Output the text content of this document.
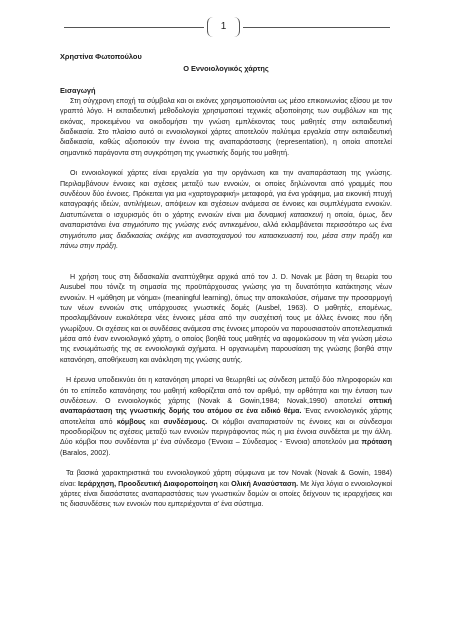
1

Χρηστίνα Φωτοπούλου

Ο Εννοιολογικός χάρτης

Εισαγωγή

Στη σύγχρονη εποχή τα σύμβολα και οι εικόνες χρησιμοποιούνται ως μέσο επικοινωνίας εξίσου με τον γραπτό λόγο. Η εκπαιδευτική μεθοδολογία χρησιμοποιεί τεχνικές αξιοποίησης των συμβόλων και της εικόνας, προκειμένου να οικοδομήσει την γνώση εμπλέκοντας τους μαθητές στην εκπαιδευτική διαδικασία. Στο πλαίσιο αυτό οι εννοιολογικοί χάρτες αποτελούν πολύτιμα εργαλεία στην εκπαιδευτική διαδικασία, καθώς αξιοποιούν την έννοια της αναπαράστασης (representation), η οποία αποτελεί σημαντικό παράγοντα στη συγκρότηση της γνωστικής δομής του μαθητή.

Οι εννοιολογικοί χάρτες είναι εργαλεία για την οργάνωση και την αναπαράσταση της γνώσης. Περιλαμβάνουν έννοιες και σχέσεις μεταξύ των εννοιών, οι οποίες δηλώνονται από γραμμές που συνδέουν δύο έννοιες. Πρόκειται για μια «χαρτογραφική» μεταφορά, για ένα γράφημα, μια εικονική πτυχή καταγραφής ιδεών, αντιλήψεων, απόψεων και σχέσεων ανάμεσα σε έννοιες και συμπλέγματα εννοιών. Διατυπώνεται ο ισχυρισμός ότι ο χάρτης εννοιών είναι μια δυναμική κατασκευή η οποία, όμως, δεν αναπαριστάνει ένα στιγμιότυπο της γνώσης ενός αντικειμένου, αλλά εκλαμβάνεται περισσότερο ως ένα στιγμιότυπο μιας διαδικασίας σκέψης και αναστοχασμού του κατασκευαστή του, μέσα στην πράξη και πάνω στην πράξη.

Η χρήση τους στη διδασκαλία αναπτύχθηκε αρχικά από τον J. D. Novak με βάση τη θεωρία του Ausubel που τόνιζε τη σημασία της προϋπάρχουσας γνώσης για τη δυνατότητα κατάκτησης νέων εννοιών. Η «μάθηση με νόημα» (meaningful learning), όπως την αποκαλούσε, σήμαινε την προσαρμογή των νέων εννοιών στις υπάρχουσες γνωστικές δομές (Ausbel, 1963). Ο μαθητές, επομένως, προσλαμβάνουν ευκολότερα νέες έννοιες μέσα από την συσχέτισή τους με άλλες έννοιες που ήδη γνωρίζουν. Οι σχέσεις και οι συνδέσεις ανάμεσα στις έννοιες μπορούν να παρουσιαστούν αποτελεσματικά μέσα από έναν εννοιολογικό χάρτη, ο οποίος βοηθά τους μαθητές να αφομοιώσουν τη νέα γνώση μέσω της ενσωμάτωσής της σε εννοιολογικά σχήματα. Η οργανωμένη παρουσίαση της γνώσης βοηθά στην κατανόηση, αποθήκευση και ανάκληση της γνώσης αυτής.

Η έρευνα υποδεικνύει ότι η κατανόηση μπορεί να θεωρηθεί ως σύνδεση μεταξύ δύο πληροφοριών και ότι το επίπεδο κατανόησης του μαθητή καθορίζεται από τον αριθμό, την ορθότητα και την ένταση των συνδέσεων. Ο εννοιολογικός χάρτης (Novak & Gowin,1984; Novak,1990) αποτελεί οπτική αναπαράσταση της γνωστικής δομής του ατόμου σε ένα ειδικό θέμα. Ένας εννοιολογικός χάρτης αποτελείται από κόμβους και συνδέσμους. Οι κόμβοι αναπαριστούν τις έννοιες και οι σύνδεσμοι προσδιορίζουν τις σχέσεις μεταξύ των εννοιών περιγράφοντας πώς η μια έννοια συνδέεται με την άλλη. Δύο κόμβοι που συνδέονται μ’ ένα σύνδεσμο (Έννοια – Σύνδεσμος - Έννοια) αποτελούν μια πρόταση (Baralos, 2002).

Τα βασικά χαρακτηριστικά του εννοιολογικού χάρτη σύμφωνα με τον Novak (Novak & Gowin, 1984) είναι: Ιεράρχηση, Προοδευτική Διαφοροποίηση και Ολική Ανασύσταση. Με λίγα λόγια ο εννοιολογικοί χάρτες είναι διασάστατες αναπαραστάσεις των γνωστικών δομών οι οποίες δείχνουν τις ιεραρχήσεις και τις διασυνδέσεις των εννοιών που εμπεριέχονται σ’ ένα σύστημα.
